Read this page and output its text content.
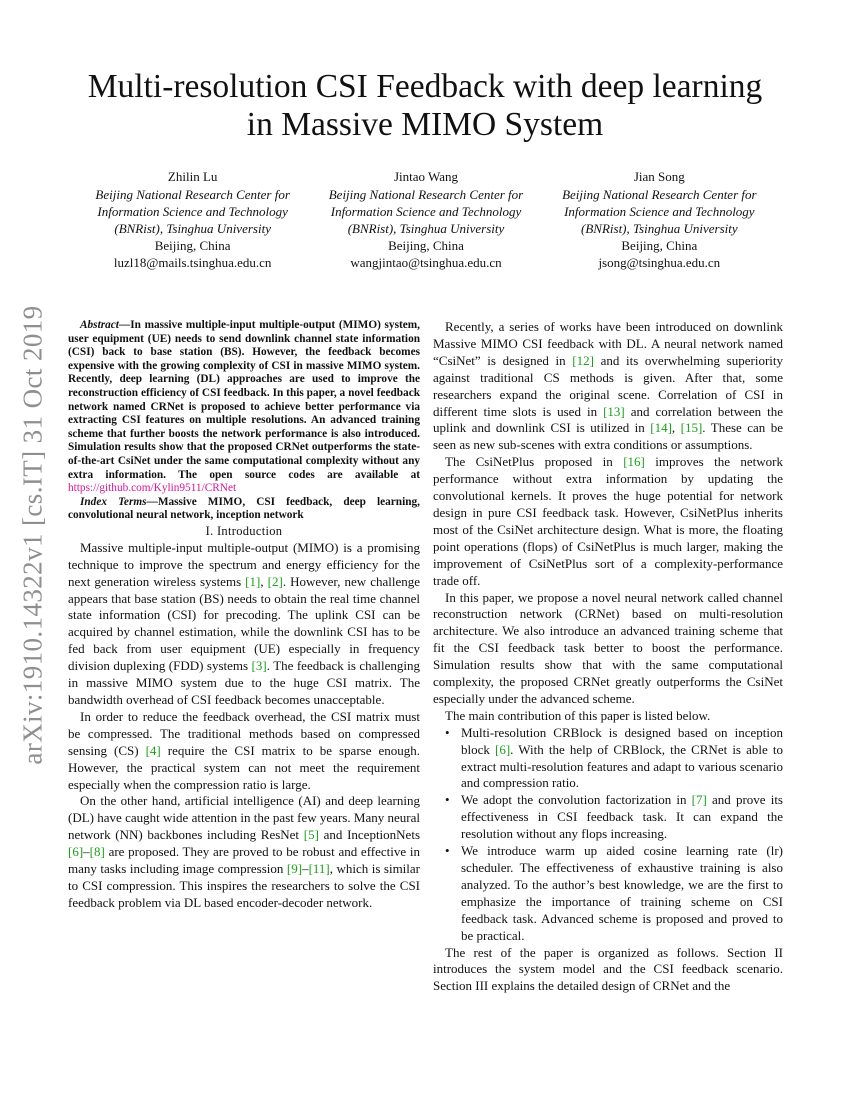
arXiv:1910.14322v1 [cs.IT] 31 Oct 2019
Multi-resolution CSI Feedback with deep learning
in Massive MIMO System
Zhilin Lu
Beijing National Research Center for
Information Science and Technology
(BNRist), Tsinghua University
Beijing, China
luzl18@mails.tsinghua.edu.cn
Jintao Wang
Beijing National Research Center for
Information Science and Technology
(BNRist), Tsinghua University
Beijing, China
wangjintao@tsinghua.edu.cn
Jian Song
Beijing National Research Center for
Information Science and Technology
(BNRist), Tsinghua University
Beijing, China
jsong@tsinghua.edu.cn

Abstract—In massive multiple-input multiple-output (MIMO) system, user equipment (UE) needs to send downlink channel state information (CSI) back to base station (BS). However, the feedback becomes expensive with the growing complexity of CSI in massive MIMO system. Recently, deep learning (DL) approaches are used to improve the reconstruction efficiency of CSI feedback. In this paper, a novel feedback network named CRNet is proposed to achieve better performance via extracting CSI features on multiple resolutions. An advanced training scheme that further boosts the network performance is also introduced. Simulation results show that the proposed CRNet outperforms the state-of-the-art CsiNet under the same computational complexity without any extra information. The open source codes are available at https://github.com/Kylin9511/CRNet

Index Terms—Massive MIMO, CSI feedback, deep learning, convolutional neural network, inception network

I. Introduction

Massive multiple-input multiple-output (MIMO) is a promising technique to improve the spectrum and energy efficiency for the next generation wireless systems [1], [2]. However, new challenge appears that base station (BS) needs to obtain the real time channel state information (CSI) for precoding. The uplink CSI can be acquired by channel estimation, while the downlink CSI has to be fed back from user equipment (UE) especially in frequency division duplexing (FDD) systems [3]. The feedback is challenging in massive MIMO system due to the huge CSI matrix. The bandwidth overhead of CSI feedback becomes unacceptable.

In order to reduce the feedback overhead, the CSI matrix must be compressed. The traditional methods based on compressed sensing (CS) [4] require the CSI matrix to be sparse enough. However, the practical system can not meet the requirement especially when the compression ratio is large.

On the other hand, artificial intelligence (AI) and deep learning (DL) have caught wide attention in the past few years. Many neural network (NN) backbones including ResNet [5] and InceptionNets [6]–[8] are proposed. They are proved to be robust and effective in many tasks including image compression [9]–[11], which is similar to CSI compression. This inspires the researchers to solve the CSI feedback problem via DL based encoder-decoder network.

Recently, a series of works have been introduced on downlink Massive MIMO CSI feedback with DL. A neural network named “CsiNet” is designed in [12] and its overwhelming superiority against traditional CS methods is given. After that, some researchers expand the original scene. Correlation of CSI in different time slots is used in [13] and correlation between the uplink and downlink CSI is utilized in [14], [15]. These can be seen as new sub-scenes with extra conditions or assumptions.

The CsiNetPlus proposed in [16] improves the network performance without extra information by updating the convolutional kernels. It proves the huge potential for network design in pure CSI feedback task. However, CsiNetPlus inherits most of the CsiNet architecture design. What is more, the floating point operations (flops) of CsiNetPlus is much larger, making the improvement of CsiNetPlus sort of a complexity-performance trade off.

In this paper, we propose a novel neural network called channel reconstruction network (CRNet) based on multi-resolution architecture. We also introduce an advanced training scheme that fit the CSI feedback task better to boost the performance. Simulation results show that with the same computational complexity, the proposed CRNet greatly outperforms the CsiNet especially under the advanced scheme.

The main contribution of this paper is listed below.

• Multi-resolution CRBlock is designed based on inception block [6]. With the help of CRBlock, the CRNet is able to extract multi-resolution features and adapt to various scenario and compression ratio.
• We adopt the convolution factorization in [7] and prove its effectiveness in CSI feedback task. It can expand the resolution without any flops increasing.
• We introduce warm up aided cosine learning rate (lr) scheduler. The effectiveness of exhaustive training is also analyzed. To the author’s best knowledge, we are the first to emphasize the importance of training scheme on CSI feedback task. Advanced scheme is proposed and proved to be practical.

The rest of the paper is organized as follows. Section II introduces the system model and the CSI feedback scenario. Section III explains the detailed design of CRNet and the
